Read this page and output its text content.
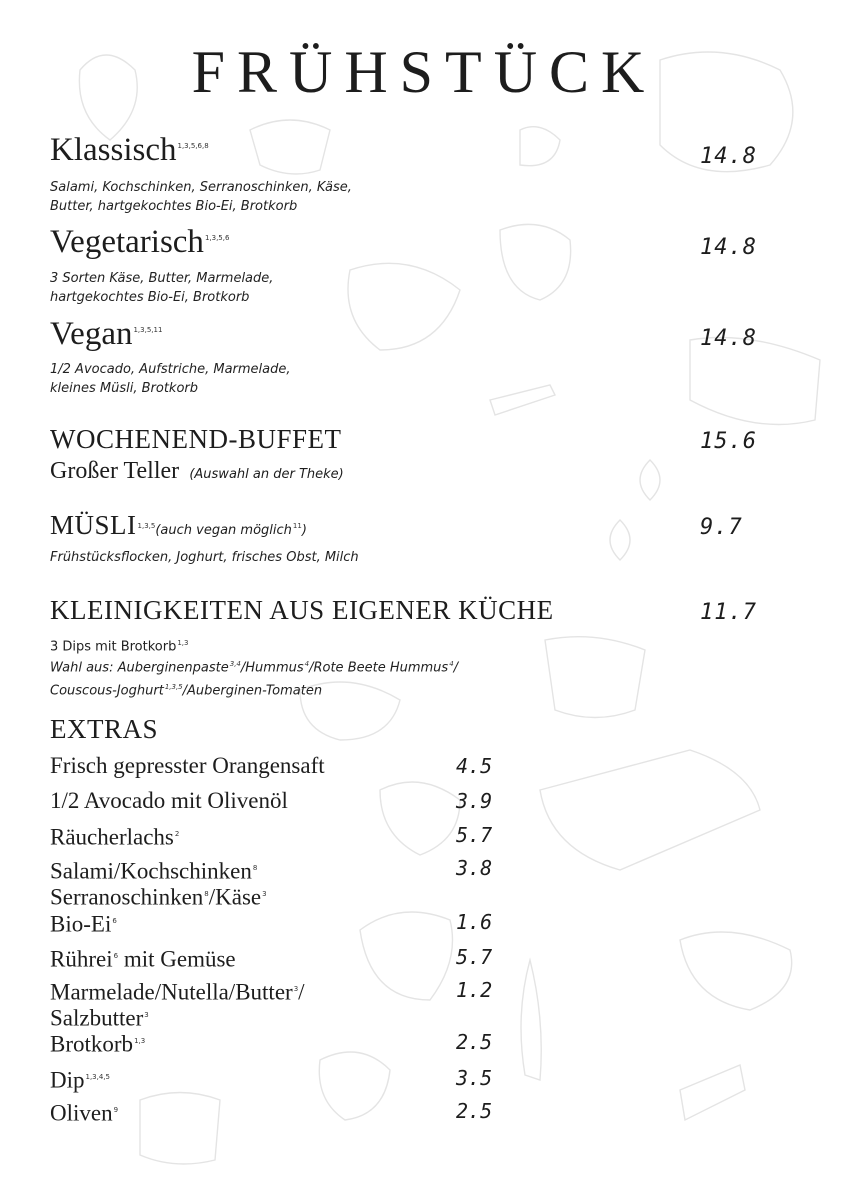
FRÜHSTÜCK
Klassisch$^{1,3,5,6,8}$
Salami, Kochschinken, Serranoschinken, Käse,
Butter, hartgekochtes Bio-Ei, Brotkorb
14.8
Vegetarisch$^{1,3,5,6}$
3 Sorten Käse, Butter, Marmelade,
hartgekochtes Bio-Ei, Brotkorb
14.8
Vegan$^{1,3,5,11}$
1/2 Avocado, Aufstriche, Marmelade,
kleines Müsli, Brotkorb
14.8
WOCHENEND-BUFFET
Großer Teller (Auswahl an der Theke)
15.6
MÜSLI$^{1,3,5}$(auch vegan möglich$^{11}$)
Frühstücksflocken, Joghurt, frisches Obst, Milch
9.7
KLEINIGKEITEN AUS EIGENER KÜCHE	11.7
3 Dips mit Brotkorb$^{1,3}$
Wahl aus: Auberginenpaste$^{3,4}$/Hummus$^4$/Rote Beete Hummus$^4$/
Couscous-Joghurt$^{1,3,5}$/Auberginen-Tomaten
EXTRAS
Frisch gepresster Orangensaft	4.5
1/2 Avocado mit Olivenöl	3.9
Räucherlachs$^2$	5.7
Salami/Kochschinken$^8$
Serranoschinken$^8$/Käse$^3$
3.8
Bio-Ei$^6$	1.6
Rührei$^6$ mit Gemüse	5.7
Marmelade/Nutella/Butter$^3$/
Salzbutter$^3$
1.2
Brotkorb$^{1,3}$	2.5
Dip$^{1,3,4,5}$	3.5
Oliven$^9$	2.5
